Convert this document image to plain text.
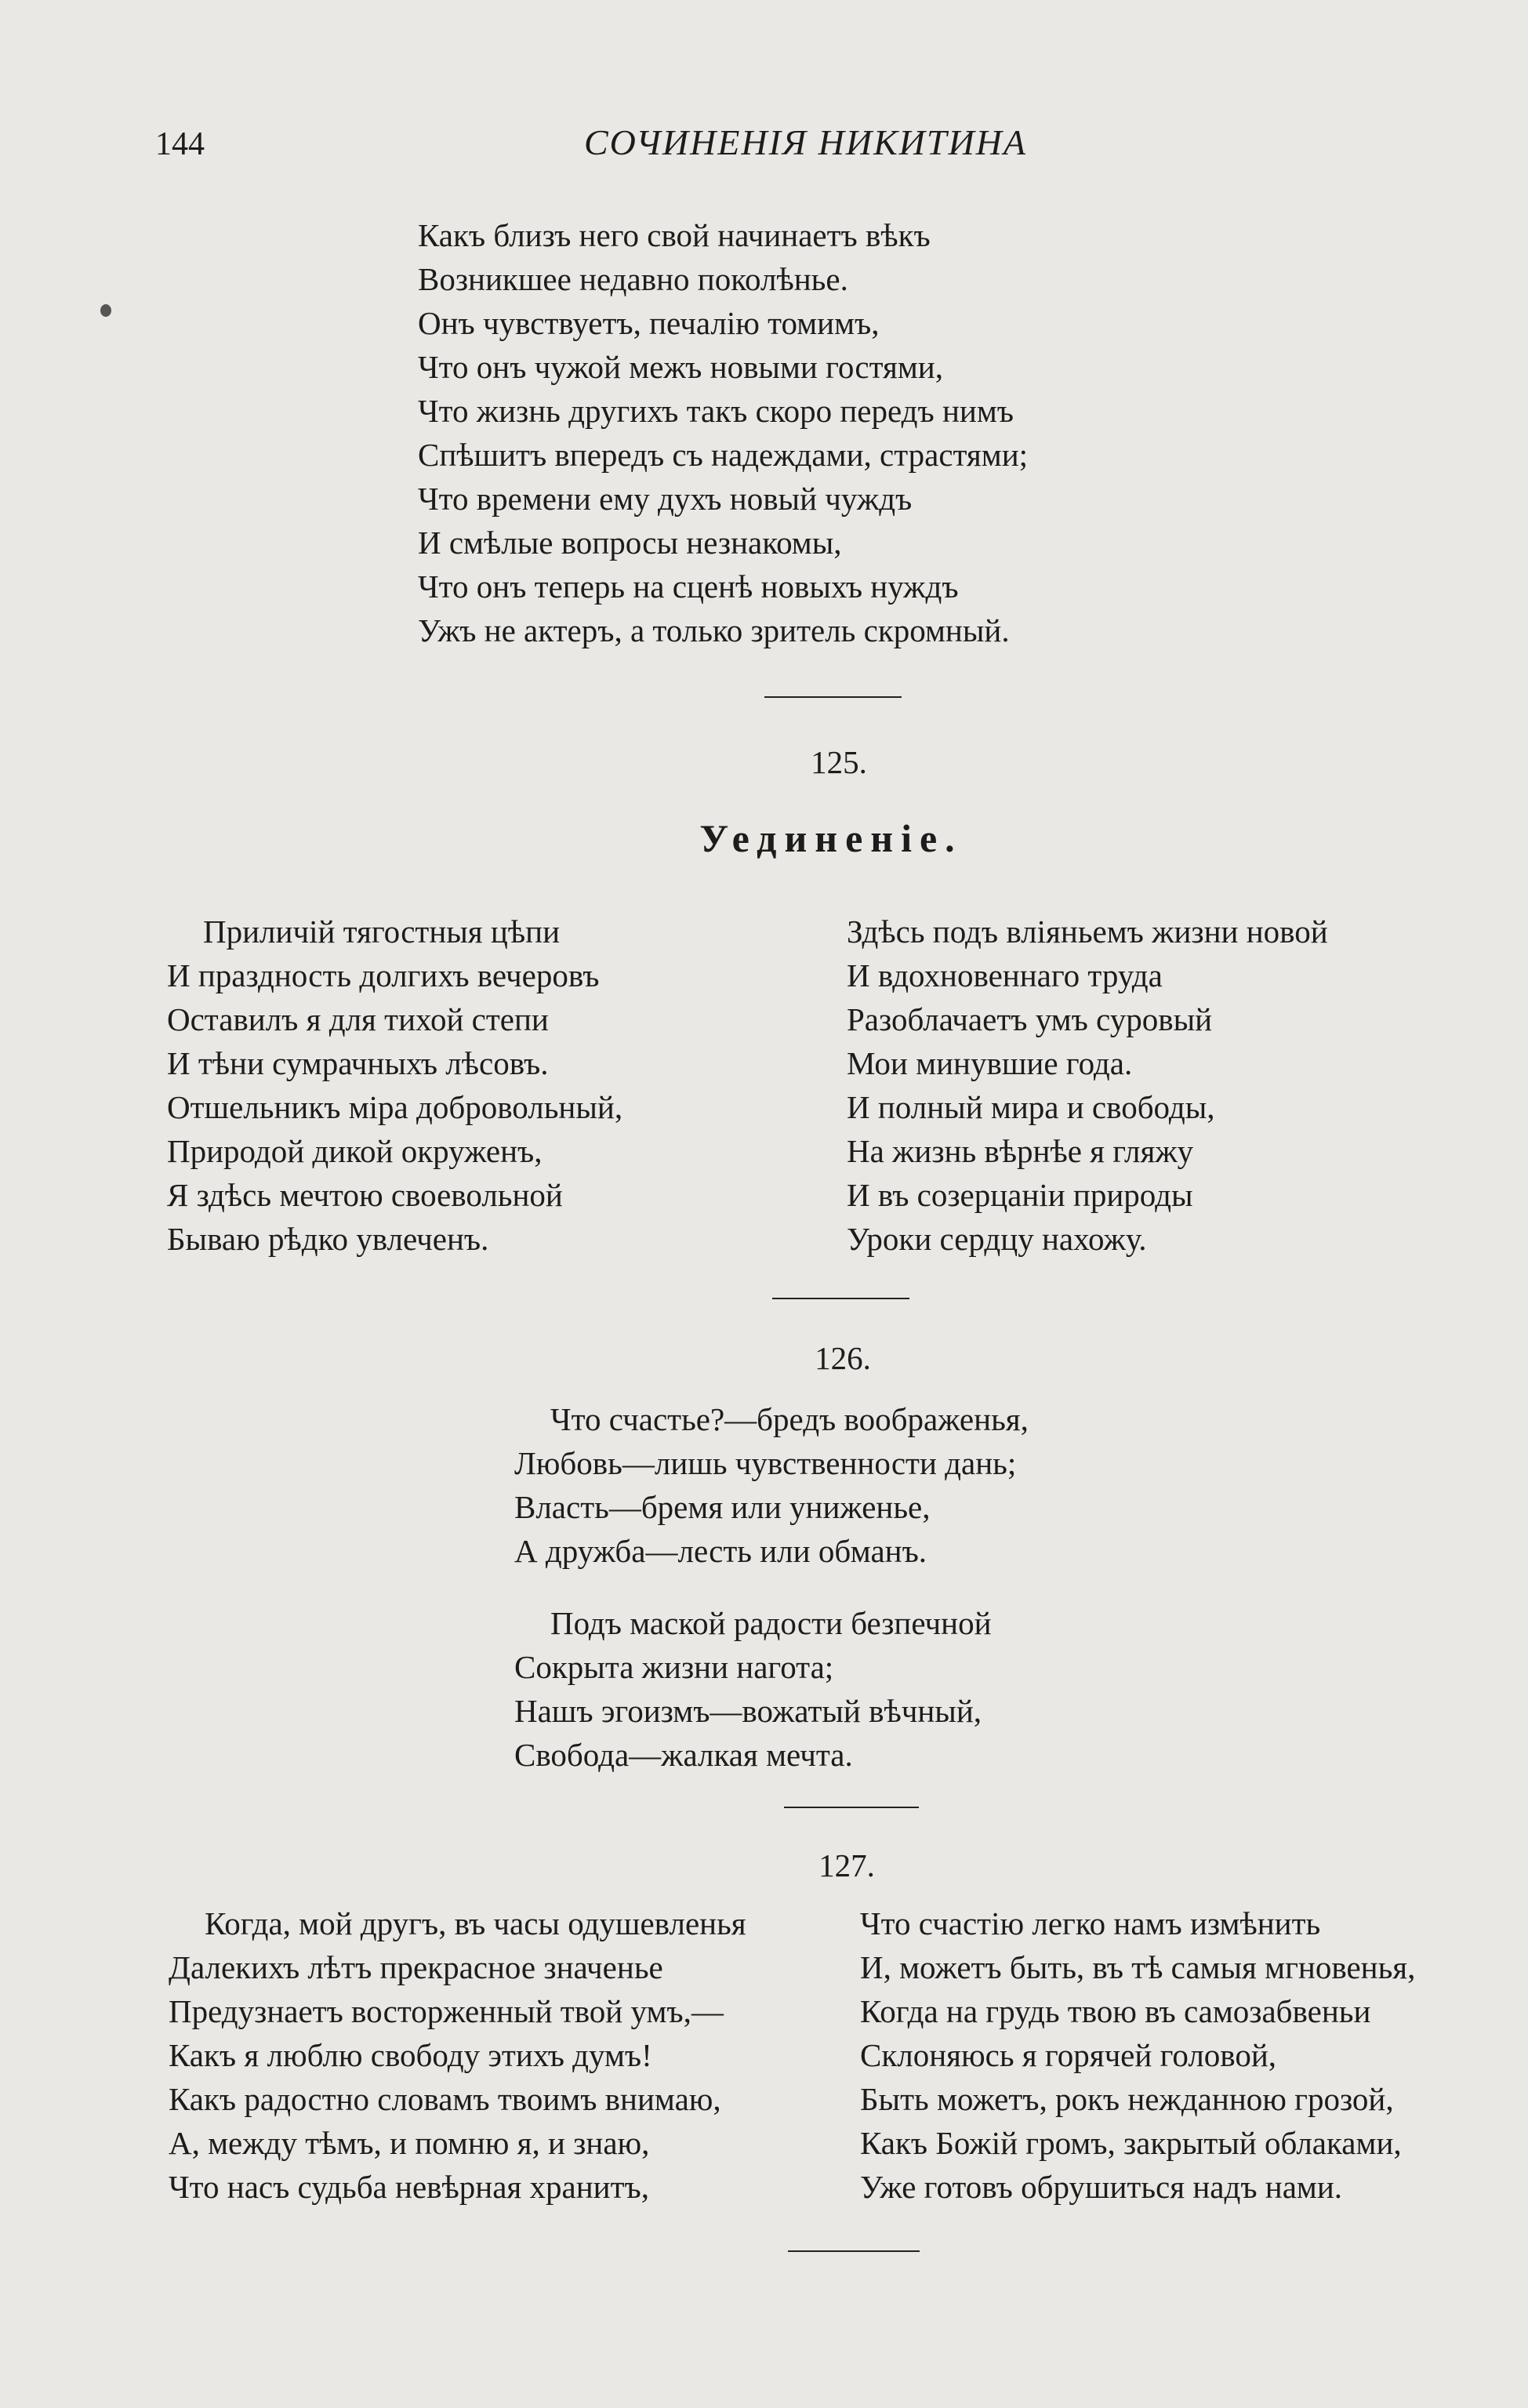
144	СОЧИНЕНІЯ НИКИТИНА
Какъ близъ него свой начинаетъ вѣкъ
Возникшее недавно поколѣнье.
Онъ чувствуетъ, печалію томимъ,
Что онъ чужой межъ новыми гостями,
Что жизнь другихъ такъ скоро передъ нимъ
Спѣшитъ впередъ съ надеждами, страстями;
Что времени ему духъ новый чуждъ
И смѣлые вопросы незнакомы,
Что онъ теперь на сценѣ новыхъ нуждъ
Ужъ не актеръ, а только зритель скромный.
125.
Уединеніе.
Приличій тягостныя цѣпи
И праздность долгихъ вечеровъ
Оставилъ я для тихой степи
И тѣни сумрачныхъ лѣсовъ.
Отшельникъ міра добровольный,
Природой дикой окруженъ,
Я здѣсь мечтою своевольной
Бываю рѣдко увлеченъ.
Здѣсь подъ вліяньемъ жизни новой
И вдохновеннаго труда
Разоблачаетъ умъ суровый
Мои минувшие года.
И полный мира и свободы,
На жизнь вѣрнѣе я гляжу
И въ созерцаніи природы
Уроки сердцу нахожу.
126.
Что счастье?—бредъ воображенья,
Любовь—лишь чувственности дань;
Власть—бремя или униженье,
А дружба—лесть или обманъ.
Подъ маской радости безпечной
Сокрыта жизни нагота;
Нашъ эгоизмъ—вожатый вѣчный,
Свобода—жалкая мечта.
127.
Когда, мой другъ, въ часы одушевленья
Далекихъ лѣтъ прекрасное значенье
Предузнаетъ восторженный твой умъ,—
Какъ я люблю свободу этихъ думъ!
Какъ радостно словамъ твоимъ внимаю,
А, между тѣмъ, и помню я, и знаю,
Что насъ судьба невѣрная хранитъ,
Что счастію легко намъ измѣнить
И, можетъ быть, въ тѣ самыя мгновенья,
Когда на грудь твою въ самозабвеньи
Склоняюсь я горячей головой,
Быть можетъ, рокъ нежданною грозой,
Какъ Божій громъ, закрытый облаками,
Уже готовъ обрушиться надъ нами.
